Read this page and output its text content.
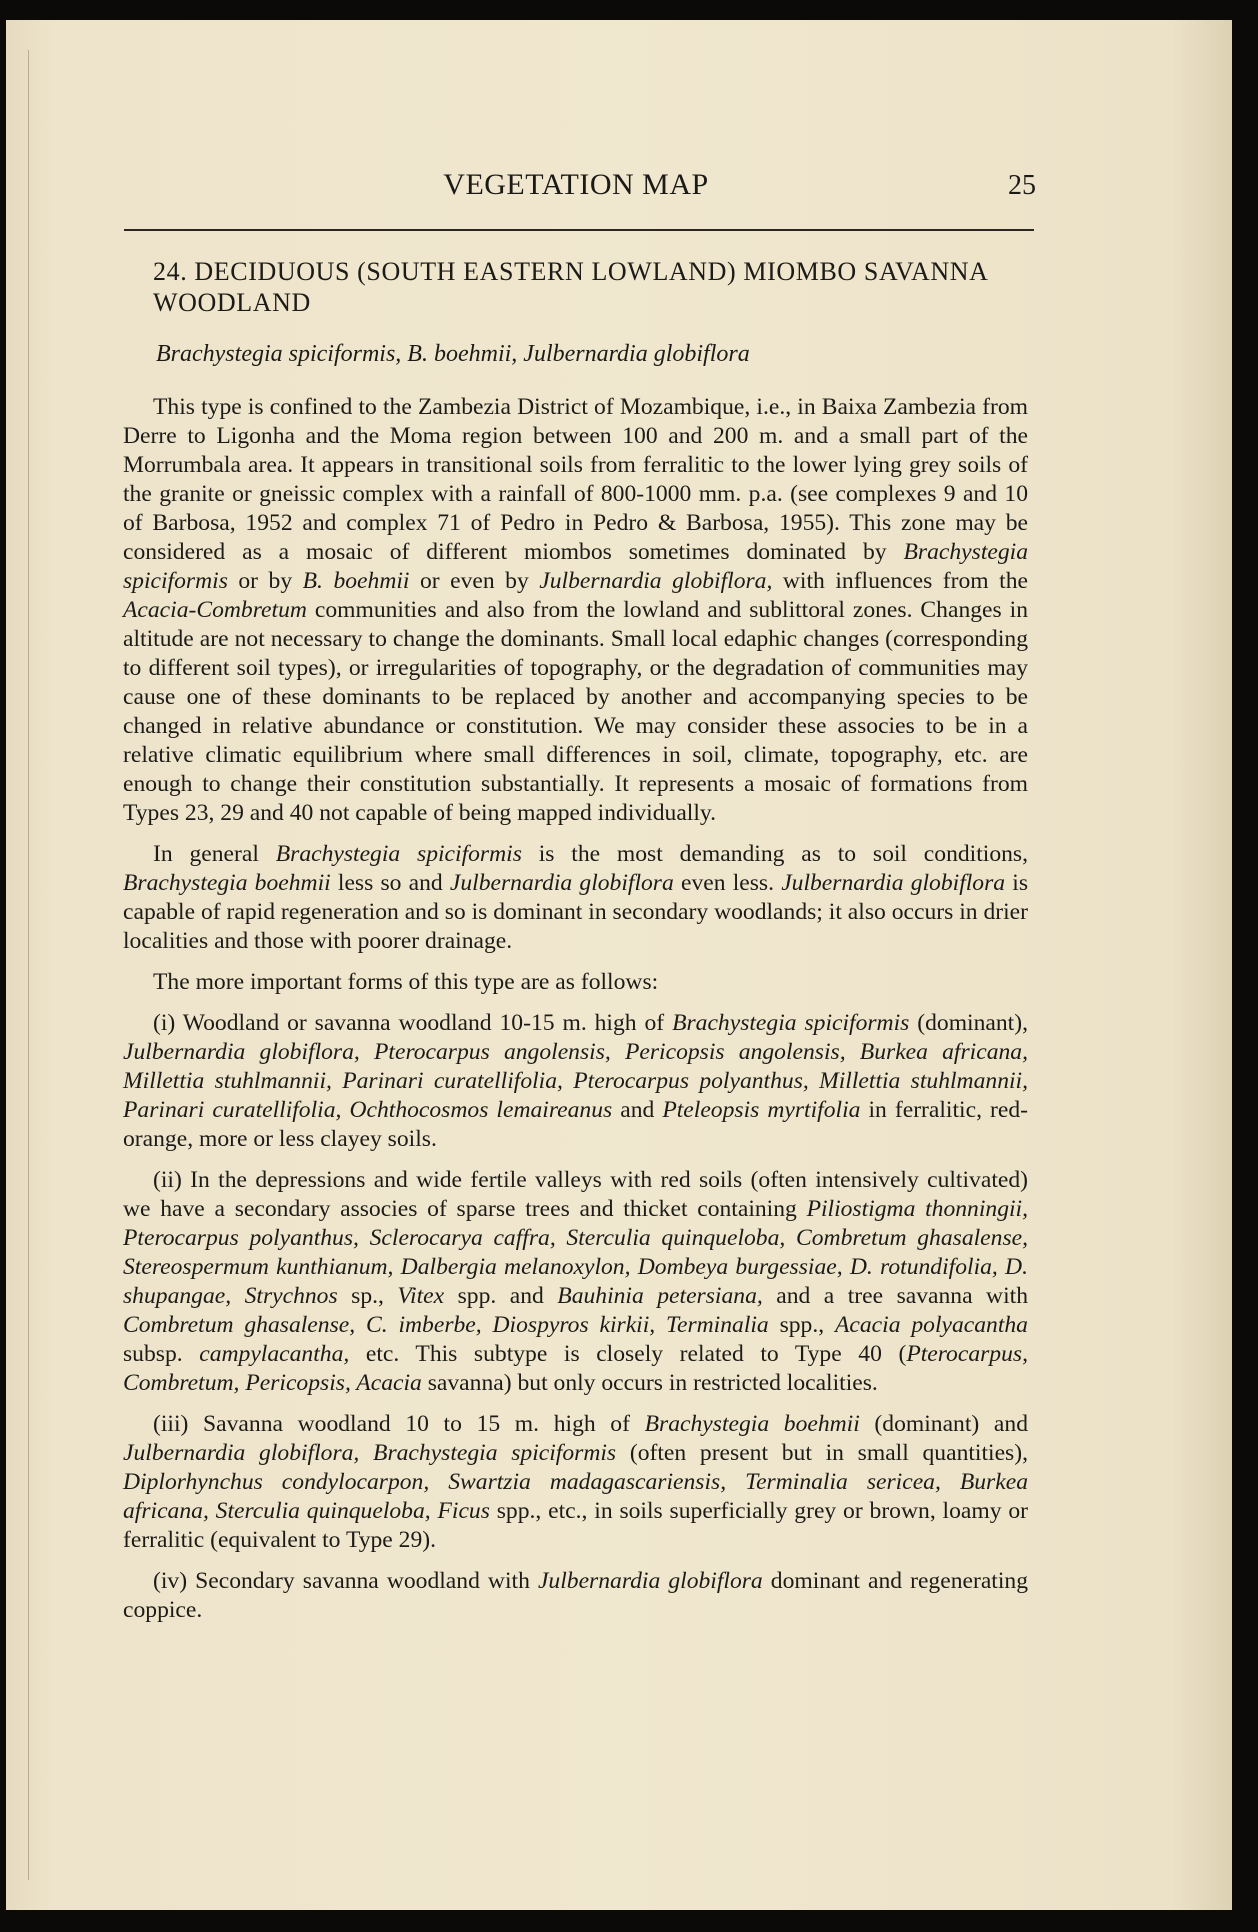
VEGETATION MAP	25
24. DECIDUOUS (SOUTH EASTERN LOWLAND) MIOMBO SAVANNA WOODLAND
Brachystegia spiciformis, B. boehmii, Julbernardia globiflora

This type is confined to the Zambezia District of Mozambique, i.e., in Baixa Zambezia from Derre to Ligonha and the Moma region between 100 and 200 m. and a small part of the Morrumbala area. It appears in transitional soils from ferralitic to the lower lying grey soils of the granite or gneissic complex with a rainfall of 800-1000 mm. p.a. (see complexes 9 and 10 of Barbosa, 1952 and complex 71 of Pedro in Pedro & Barbosa, 1955). This zone may be considered as a mosaic of different miombos sometimes dominated by Brachystegia spiciformis or by B. boehmii or even by Julbernardia globiflora, with influences from the Acacia-Combretum communities and also from the lowland and sublittoral zones. Changes in altitude are not necessary to change the dominants. Small local edaphic changes (corresponding to different soil types), or irregularities of topography, or the degradation of communities may cause one of these dominants to be replaced by another and accompanying species to be changed in relative abundance or constitution. We may consider these associes to be in a relative climatic equilibrium where small differences in soil, climate, topography, etc. are enough to change their constitution substantially. It represents a mosaic of formations from Types 23, 29 and 40 not capable of being mapped individually.

In general Brachystegia spiciformis is the most demanding as to soil conditions, Brachystegia boehmii less so and Julbernardia globiflora even less. Julbernardia globiflora is capable of rapid regeneration and so is dominant in secondary woodlands; it also occurs in drier localities and those with poorer drainage.

The more important forms of this type are as follows:

(i) Woodland or savanna woodland 10-15 m. high of Brachystegia spiciformis (dominant), Julbernardia globiflora, Pterocarpus angolensis, Pericopsis angolensis, Burkea africana, Millettia stuhlmannii, Parinari curatellifolia, Pterocarpus polyanthus, Millettia stuhlmannii, Parinari curatellifolia, Ochthocosmos lemaireanus and Pteleopsis myrtifolia in ferralitic, red-orange, more or less clayey soils.

(ii) In the depressions and wide fertile valleys with red soils (often intensively cultivated) we have a secondary associes of sparse trees and thicket containing Piliostigma thonningii, Pterocarpus polyanthus, Sclerocarya caffra, Sterculia quinqueloba, Combretum ghasalense, Stereospermum kunthianum, Dalbergia melanoxylon, Dombeya burgessiae, D. rotundifolia, D. shupangae, Strychnos sp., Vitex spp. and Bauhinia petersiana, and a tree savanna with Combretum ghasalense, C. imberbe, Diospyros kirkii, Terminalia spp., Acacia polyacantha subsp. campylacantha, etc. This subtype is closely related to Type 40 (Pterocarpus, Combretum, Pericopsis, Acacia savanna) but only occurs in restricted localities.

(iii) Savanna woodland 10 to 15 m. high of Brachystegia boehmii (dominant) and Julbernardia globiflora, Brachystegia spiciformis (often present but in small quantities), Diplorhynchus condylocarpon, Swartzia madagascariensis, Terminalia sericea, Burkea africana, Sterculia quinqueloba, Ficus spp., etc., in soils superficially grey or brown, loamy or ferralitic (equivalent to Type 29).

(iv) Secondary savanna woodland with Julbernardia globiflora dominant and regenerating coppice.
